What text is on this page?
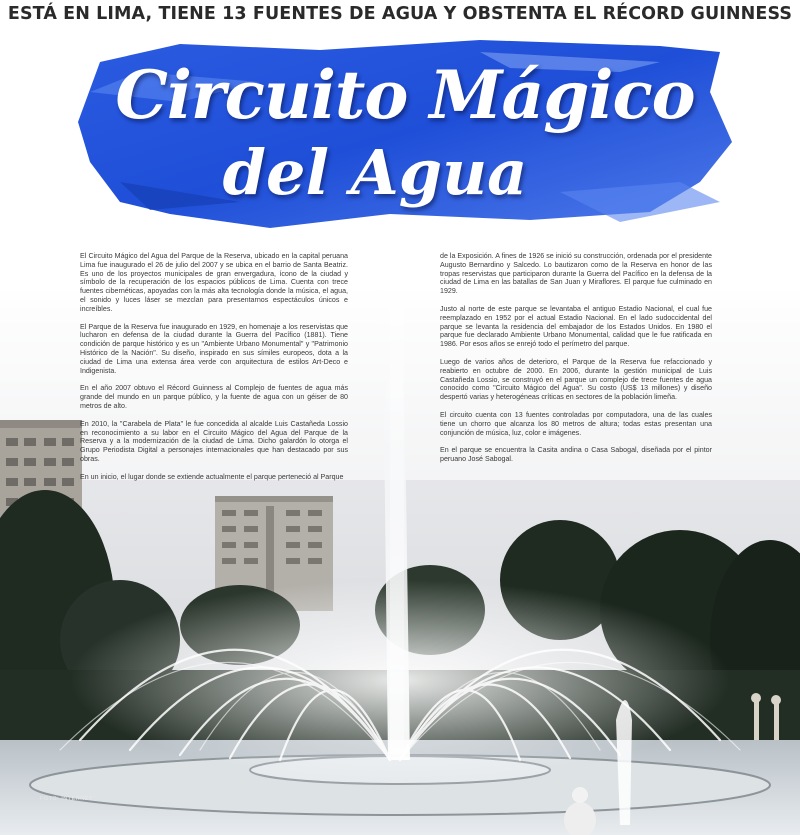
ESTÁ EN LIMA, TIENE 13 FUENTES DE AGUA Y OBSTENTA EL RÉCORD GUINNESS
Circuito Mágico
del Agua

El Circuito Mágico del Agua del Parque de la Reserva, ubicado en la capital peruana Lima fue inaugurado el 26 de julio del 2007 y se ubica en el barrio de Santa Beatriz. Es uno de los proyectos municipales de gran envergadura, ícono de la ciudad y símbolo de la recuperación de los espacios públicos de Lima. Cuenta con trece fuentes cibernéticas, apoyadas con la más alta tecnología donde la música, el agua, el sonido y luces láser se mezclan para presentarnos espectáculos únicos e increíbles.

El Parque de la Reserva fue inaugurado en 1929, en homenaje a los reservistas que lucharon en defensa de la ciudad durante la Guerra del Pacífico (1881). Tiene condición de parque histórico y es un "Ambiente Urbano Monumental" y "Patrimonio Histórico de la Nación". Su diseño, inspirado en sus símiles europeos, dota a la ciudad de Lima una extensa área verde con arquitectura de estilos Art-Deco e Indigenista.

En el año 2007 obtuvo el Récord Guinness al Complejo de fuentes de agua más grande del mundo en un parque público, y la fuente de agua con un géiser de 80 metros de alto.

En 2010, la "Carabela de Plata" le fue concedida al alcalde Luis Castañeda Lossio en reconocimiento a su labor en el Circuito Mágico del Agua del Parque de la Reserva y a la modernización de la ciudad de Lima. Dicho galardón lo otorga el Grupo Periodista Digital a personajes internacionales que han destacado por sus obras.

En un inicio, el lugar donde se extiende actualmente el parque perteneció al Parque

de la Exposición. A fines de 1926 se inició su construcción, ordenada por el presidente Augusto Bernardino y Salcedo. Lo bautizaron como de la Reserva en honor de las tropas reservistas que participaron durante la Guerra del Pacífico en la defensa de la ciudad de Lima en las batallas de San Juan y Miraflores. El parque fue culminado en 1929.

Justo al norte de este parque se levantaba el antiguo Estadio Nacional, el cual fue reemplazado en 1952 por el actual Estadio Nacional. En el lado sudoccidental del parque se levanta la residencia del embajador de los Estados Unidos. En 1980 el parque fue declarado Ambiente Urbano Monumental, calidad que le fue ratificada en 1986. Por esos años se enrejó todo el perímetro del parque.

Luego de varios años de deterioro, el Parque de la Reserva fue refaccionado y reabierto en octubre de 2000. En 2006, durante la gestión municipal de Luis Castañeda Lossio, se construyó en el parque un complejo de trece fuentes de agua conocido como "Circuito Mágico del Agua". Su costo (US$ 13 millones) y diseño despertó varias y heterogéneas críticas en sectores de la población limeña.

El circuito cuenta con 13 fuentes controladas por computadora, una de las cuales tiene un chorro que alcanza los 80 metros de altura; todas estas presentan una conjunción de música, luz, color e imágenes.

En el parque se encuentra la Casita andina o Casa Sabogal, diseñada por el pintor peruano José Sabogal.

FOTO: INTERNET
